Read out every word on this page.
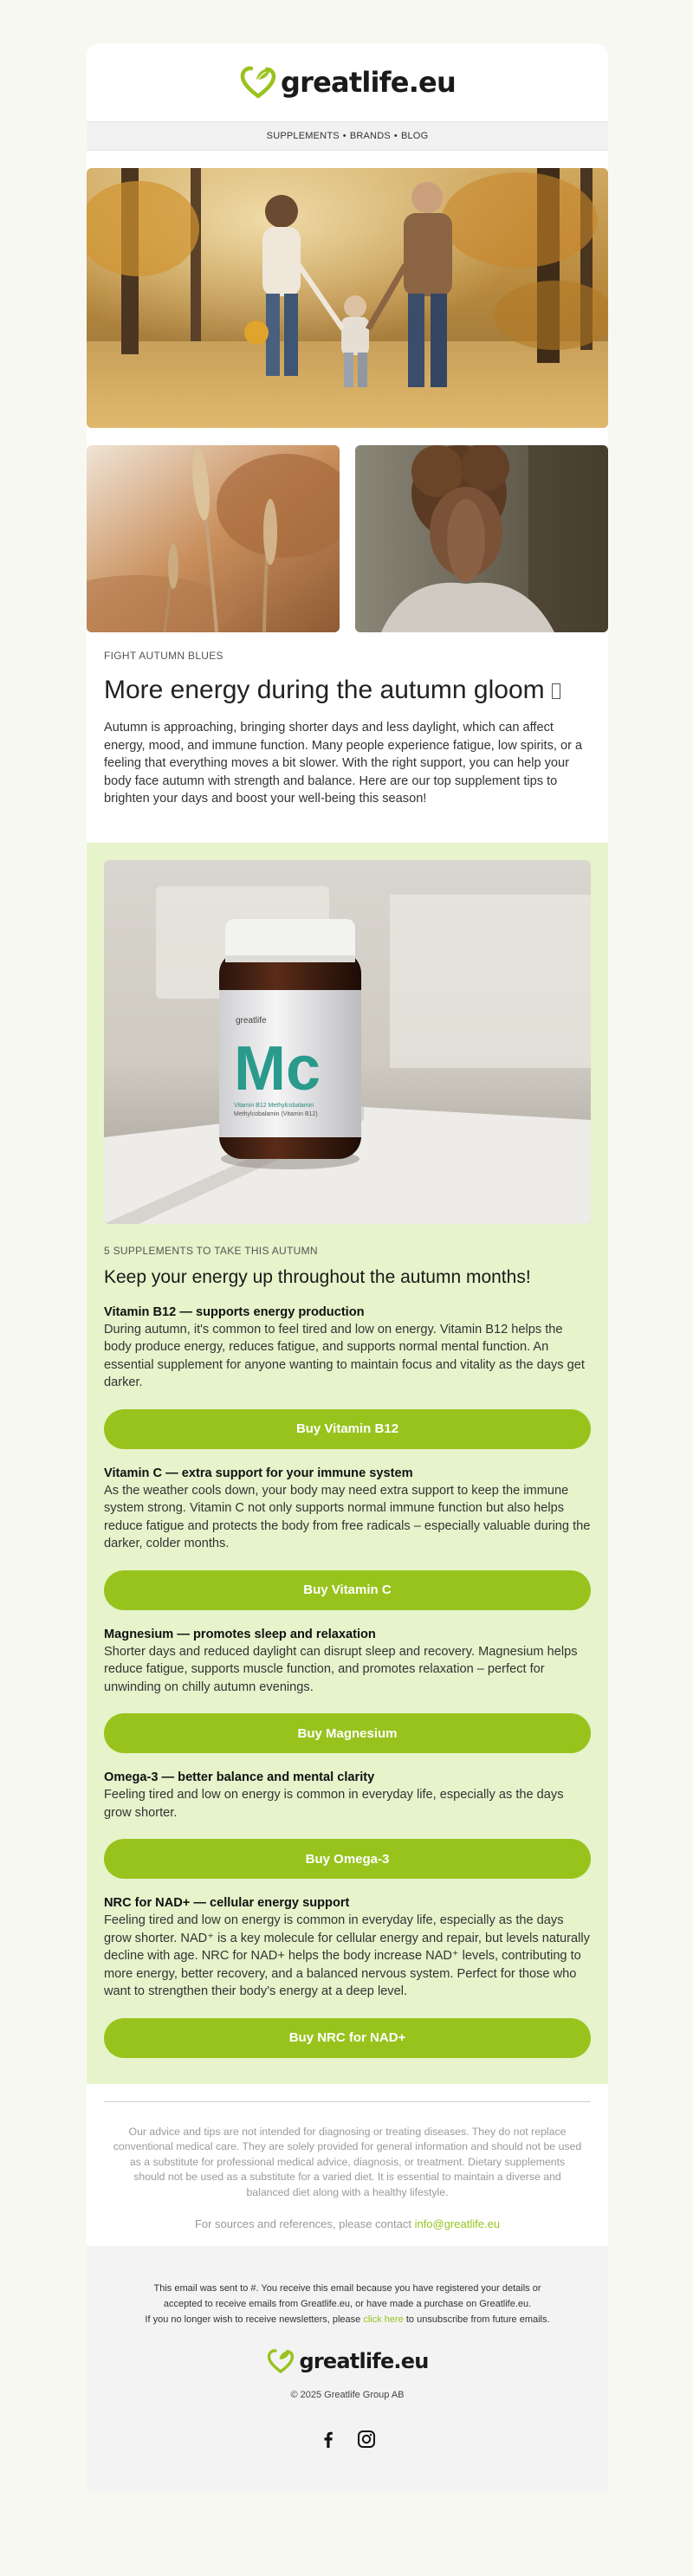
greatlife.eu
SUPPLEMENTS • BRANDS • BLOG
FIGHT AUTUMN BLUES
More energy during the autumn gloom

Autumn is approaching, bringing shorter days and less daylight, which can affect energy, mood, and immune function. Many people experience fatigue, low spirits, or a feeling that everything moves a bit slower. With the right support, you can help your body face autumn with strength and balance. Here are our top supplement tips to brighten your days and boost your well-being this season!

greatlife
Mc
Vitamin B12 Methylcobalamin
Methylcobalamin (Vitamin B12)
5 SUPPLEMENTS TO TAKE THIS AUTUMN
Keep your energy up throughout the autumn months!
Vitamin B12 — supports energy production

During autumn, it's common to feel tired and low on energy. Vitamin B12 helps the body produce energy, reduces fatigue, and supports normal mental function. An essential supplement for anyone wanting to maintain focus and vitality as the days get darker.

Buy Vitamin B12
Vitamin C — extra support for your immune system

As the weather cools down, your body may need extra support to keep the immune system strong. Vitamin C not only supports normal immune function but also helps reduce fatigue and protects the body from free radicals – especially valuable during the darker, colder months.

Buy Vitamin C
Magnesium — promotes sleep and relaxation

Shorter days and reduced daylight can disrupt sleep and recovery. Magnesium helps reduce fatigue, supports muscle function, and promotes relaxation – perfect for unwinding on chilly autumn evenings.

Buy Magnesium
Omega-3 — better balance and mental clarity

Feeling tired and low on energy is common in everyday life, especially as the days grow shorter.

Buy Omega-3
NRC for NAD+ — cellular energy support

Feeling tired and low on energy is common in everyday life, especially as the days grow shorter. NAD⁺ is a key molecule for cellular energy and repair, but levels naturally decline with age. NRC for NAD+ helps the body increase NAD⁺ levels, contributing to more energy, better recovery, and a balanced nervous system. Perfect for those who want to strengthen their body's energy at a deep level.

Buy NRC for NAD+

Our advice and tips are not intended for diagnosing or treating diseases. They do not replace conventional medical care. They are solely provided for general information and should not be used as a substitute for professional medical advice, diagnosis, or treatment. Dietary supplements should not be used as a substitute for a varied diet. It is essential to maintain a diverse and balanced diet along with a healthy lifestyle.

For sources and references, please contact info@greatlife.eu

This email was sent to #. You receive this email because you have registered your details or
accepted to receive emails from Greatlife.eu, or have made a purchase on Greatlife.eu.
If you no longer wish to receive newsletters, please click here to unsubscribe from future emails.

greatlife.eu

© 2025 Greatlife Group AB
